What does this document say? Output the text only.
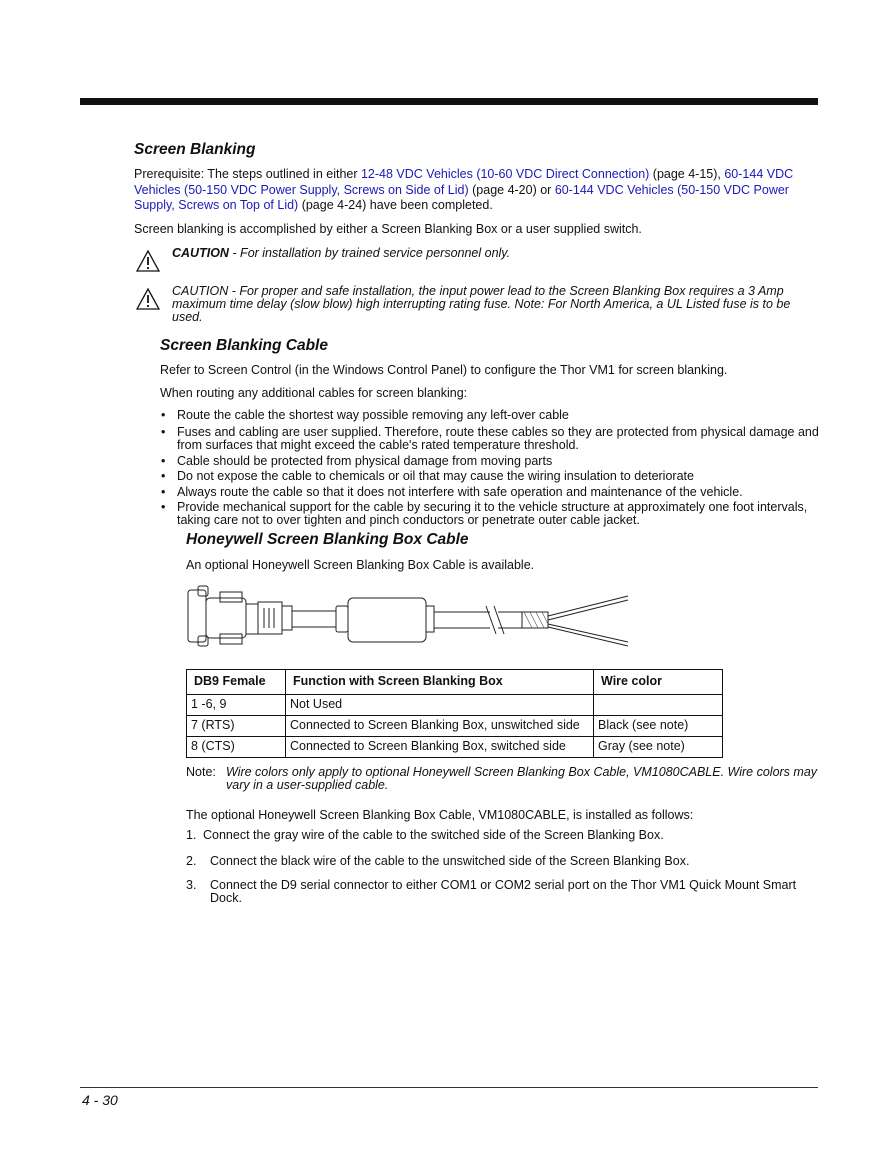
Screen Blanking
Prerequisite: The steps outlined in either 12-48 VDC Vehicles (10-60 VDC Direct Connection) (page 4-15), 60-144 VDC Vehicles (50-150 VDC Power Supply, Screws on Side of Lid) (page 4-20) or 60-144 VDC Vehicles (50-150 VDC Power Supply, Screws on Top of Lid) (page 4-24) have been completed.
Screen blanking is accomplished by either a Screen Blanking Box or a user supplied switch.
CAUTION - For installation by trained service personnel only.
CAUTION - For proper and safe installation, the input power lead to the Screen Blanking Box requires a 3 Amp maximum time delay (slow blow) high interrupting rating fuse. Note: For North America, a UL Listed fuse is to be used.
Screen Blanking Cable
Refer to Screen Control (in the Windows Control Panel) to configure the Thor VM1 for screen blanking.
When routing any additional cables for screen blanking:
• Route the cable the shortest way possible removing any left-over cable
• Fuses and cabling are user supplied. Therefore, route these cables so they are protected from physical damage and from surfaces that might exceed the cable's rated temperature threshold.
• Cable should be protected from physical damage from moving parts
• Do not expose the cable to chemicals or oil that may cause the wiring insulation to deteriorate
• Always route the cable so that it does not interfere with safe operation and maintenance of the vehicle.
• Provide mechanical support for the cable by securing it to the vehicle structure at approximately one foot intervals, taking care not to over tighten and pinch conductors or penetrate outer cable jacket.
Honeywell Screen Blanking Box Cable
An optional Honeywell Screen Blanking Box Cable is available.
DB9 Female	Function with Screen Blanking Box	Wire color
1 -6, 9	Not Used	
7 (RTS)	Connected to Screen Blanking Box, unswitched side	Black (see note)
8 (CTS)	Connected to Screen Blanking Box, switched side	Gray (see note)
Note: Wire colors only apply to optional Honeywell Screen Blanking Box Cable, VM1080CABLE. Wire colors may vary in a user-supplied cable.
The optional Honeywell Screen Blanking Box Cable, VM1080CABLE, is installed as follows:
1. Connect the gray wire of the cable to the switched side of the Screen Blanking Box.
2. Connect the black wire of the cable to the unswitched side of the Screen Blanking Box.
3. Connect the D9 serial connector to either COM1 or COM2 serial port on the Thor VM1 Quick Mount Smart Dock.
4 - 30
